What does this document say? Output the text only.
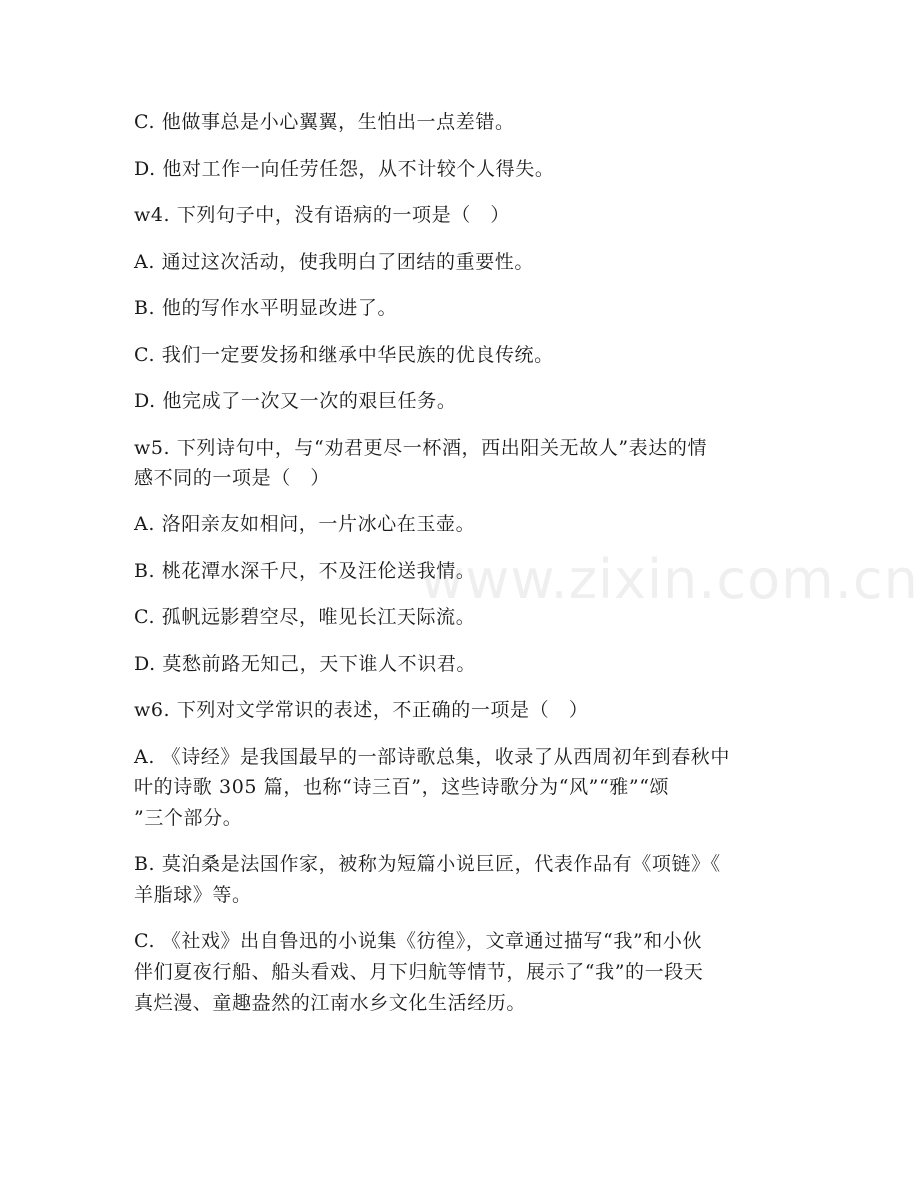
www.zixin.com.cn
C. 他做事总是小心翼翼，生怕出一点差错。
D. 他对工作一向任劳任怨，从不计较个人得失。
w4. 下列句子中，没有语病的一项是（　）
A. 通过这次活动，使我明白了团结的重要性。
B. 他的写作水平明显改进了。
C. 我们一定要发扬和继承中华民族的优良传统。
D. 他完成了一次又一次的艰巨任务。
w5. 下列诗句中，与“劝君更尽一杯酒，西出阳关无故人”表达的情
感不同的一项是（　）
A. 洛阳亲友如相问，一片冰心在玉壶。
B. 桃花潭水深千尺，不及汪伦送我情。
C. 孤帆远影碧空尽，唯见长江天际流。
D. 莫愁前路无知己，天下谁人不识君。
w6. 下列对文学常识的表述，不正确的一项是（　）
A. 《诗经》是我国最早的一部诗歌总集，收录了从西周初年到春秋中
叶的诗歌 305 篇，也称“诗三百”，这些诗歌分为“风”“雅”“颂
”三个部分。
B. 莫泊桑是法国作家，被称为短篇小说巨匠，代表作品有《项链》《
羊脂球》等。
C. 《社戏》出自鲁迅的小说集《彷徨》，文章通过描写“我”和小伙
伴们夏夜行船、船头看戏、月下归航等情节，展示了“我”的一段天
真烂漫、童趣盎然的江南水乡文化生活经历。
